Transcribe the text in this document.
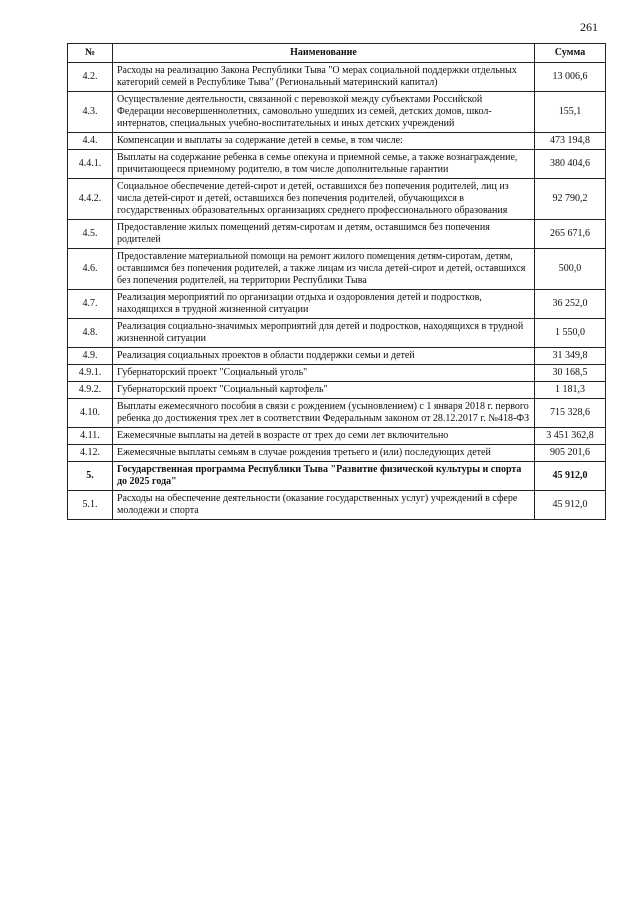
261
№	Наименование	Сумма
4.2.	Расходы на реализацию Закона Республики Тыва "О мерах социальной поддержки отдельных категорий семей в Республике Тыва" (Региональный материнский капитал)	13 006,6
4.3.	Осуществление деятельности, связанной с перевозкой между субъектами Российской Федерации несовершеннолетних, самовольно ушедших из семей, детских домов, школ-интернатов, специальных учебно-воспитательных и иных детских учреждений	155,1
4.4.	Компенсации и выплаты за содержание детей в семье, в том числе:	473 194,8
4.4.1.	Выплаты на содержание ребенка в семье опекуна и приемной семье, а также вознаграждение, причитающееся приемному родителю, в том числе дополнительные гарантии	380 404,6
4.4.2.	Социальное обеспечение детей-сирот и детей, оставшихся без попечения родителей, лиц из числа детей-сирот и детей, оставшихся без попечения родителей, обучающихся в государственных образовательных организациях среднего профессионального образования	92 790,2
4.5.	Предоставление жилых помещений детям-сиротам и детям, оставшимся без попечения родителей	265 671,6
4.6.	Предоставление материальной помощи на ремонт жилого помещения детям-сиротам, детям, оставшимся без попечения родителей, а также лицам из числа детей-сирот и детей, оставшихся без попечения родителей, на территории Республики Тыва	500,0
4.7.	Реализация мероприятий по организации отдыха и оздоровления детей и подростков, находящихся в трудной жизненной ситуации	36 252,0
4.8.	Реализация социально-значимых мероприятий для детей и подростков, находящихся в трудной жизненной ситуации	1 550,0
4.9.	Реализация социальных проектов в области поддержки семьи и детей	31 349,8
4.9.1.	Губернаторский проект "Социальный уголь"	30 168,5
4.9.2.	Губернаторский проект "Социальный картофель"	1 181,3
4.10.	Выплаты ежемесячного пособия в связи с рождением (усыновлением) с 1 января 2018 г. первого ребенка до достижения трех лет в соответствии Федеральным законом от 28.12.2017 г. №418-ФЗ	715 328,6
4.11.	Ежемесячные выплаты на детей в возрасте от трех до семи лет включительно	3 451 362,8
4.12.	Ежемесячные выплаты семьям в случае рождения третьего и (или) последующих детей	905 201,6
5.	Государственная программа Республики Тыва "Развитие физической культуры и спорта до 2025 года"	45 912,0
5.1.	Расходы на обеспечение деятельности (оказание государственных услуг) учреждений в сфере молодежи и спорта	45 912,0
